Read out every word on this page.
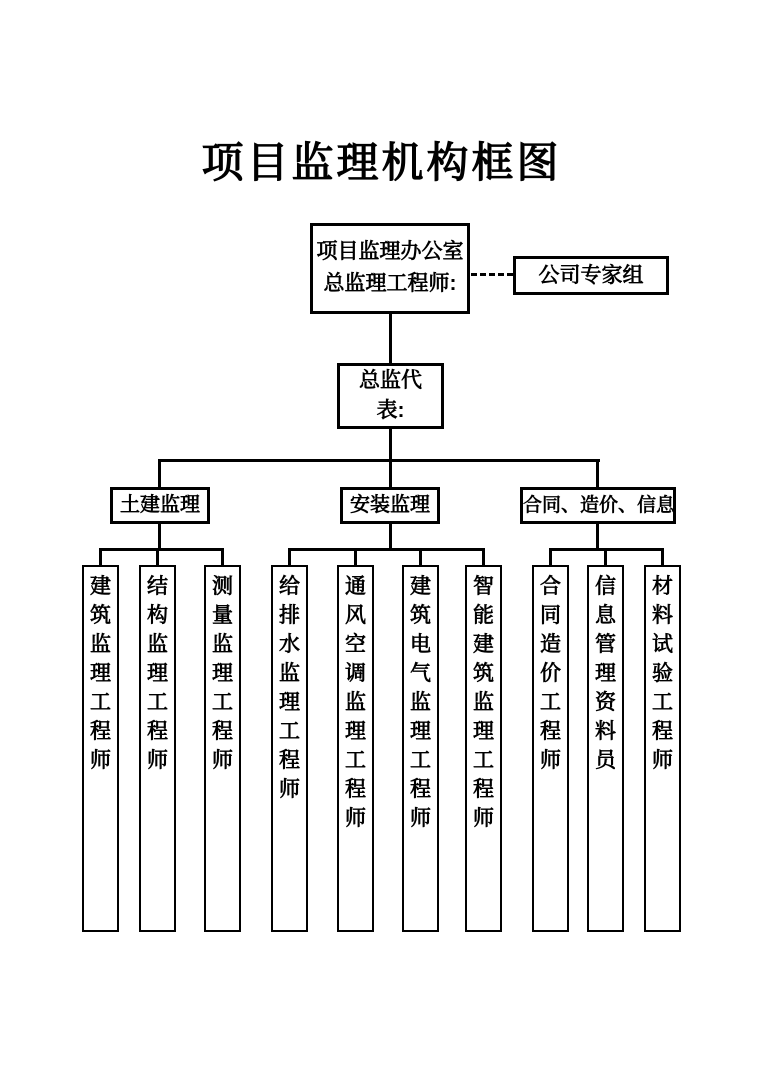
项目监理机构框图
项目监理办公室
总监理工程师:	公司专家组
总监代表:
土建监理	安装监理	合同、造价、信息
建筑监理工程师
结构监理工程师
测量监理工程师
给排水监理工程师
通风空调监理工程师
建筑电气监理工程师
智能建筑监理工程师
合同造价工程师
信息管理资料员
材料试验工程师
